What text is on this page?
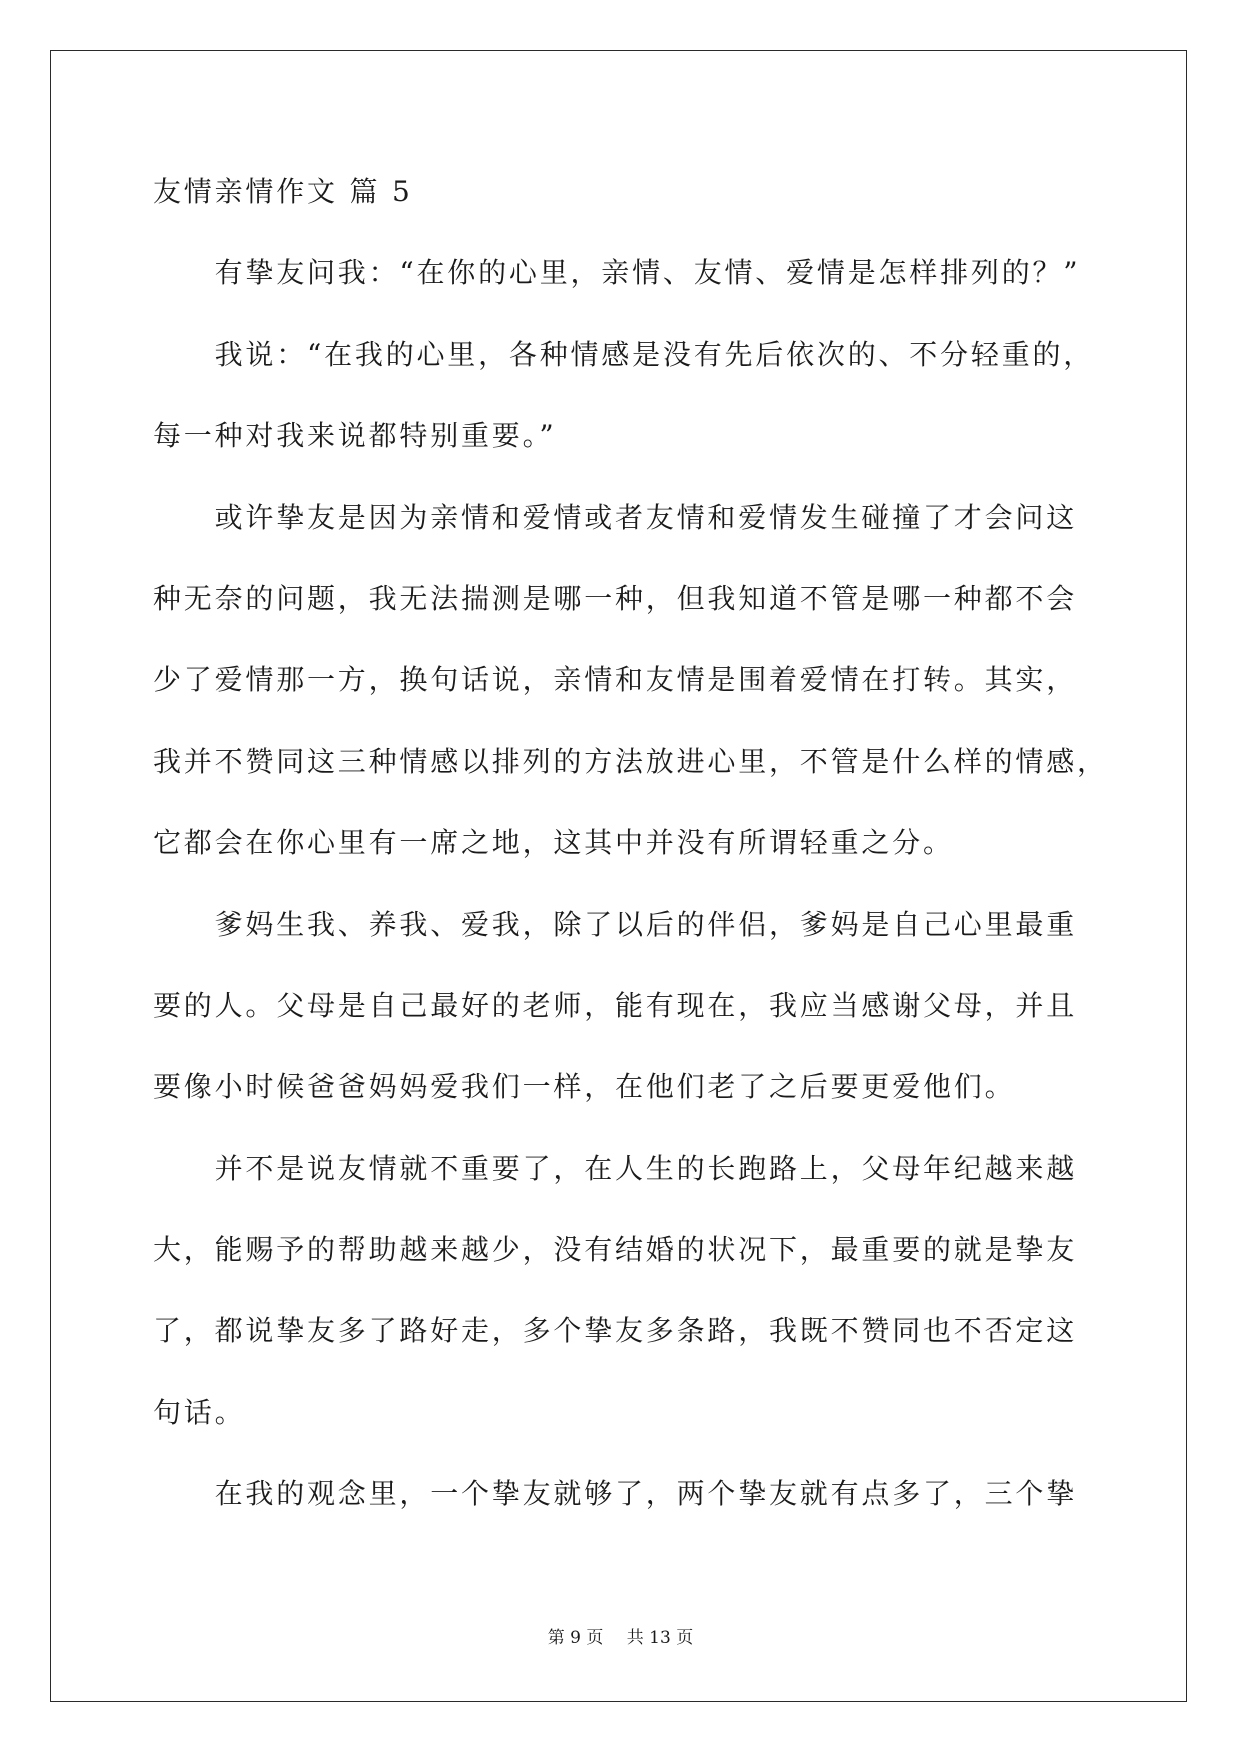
友情亲情作文 篇 5
有挚友问我：“在你的心里，亲情、友情、爱情是怎样排列的？”
我说：“在我的心里，各种情感是没有先后依次的、不分轻重的，
每一种对我来说都特别重要。”
或许挚友是因为亲情和爱情或者友情和爱情发生碰撞了才会问这
种无奈的问题，我无法揣测是哪一种，但我知道不管是哪一种都不会
少了爱情那一方，换句话说，亲情和友情是围着爱情在打转。其实，
我并不赞同这三种情感以排列的方法放进心里，不管是什么样的情感，
它都会在你心里有一席之地，这其中并没有所谓轻重之分。
爹妈生我、养我、爱我，除了以后的伴侣，爹妈是自己心里最重
要的人。父母是自己最好的老师，能有现在，我应当感谢父母，并且
要像小时候爸爸妈妈爱我们一样，在他们老了之后要更爱他们。
并不是说友情就不重要了，在人生的长跑路上，父母年纪越来越
大，能赐予的帮助越来越少，没有结婚的状况下，最重要的就是挚友
了，都说挚友多了路好走，多个挚友多条路，我既不赞同也不否定这
句话。
在我的观念里，一个挚友就够了，两个挚友就有点多了，三个挚
第 9 页 共 13 页
